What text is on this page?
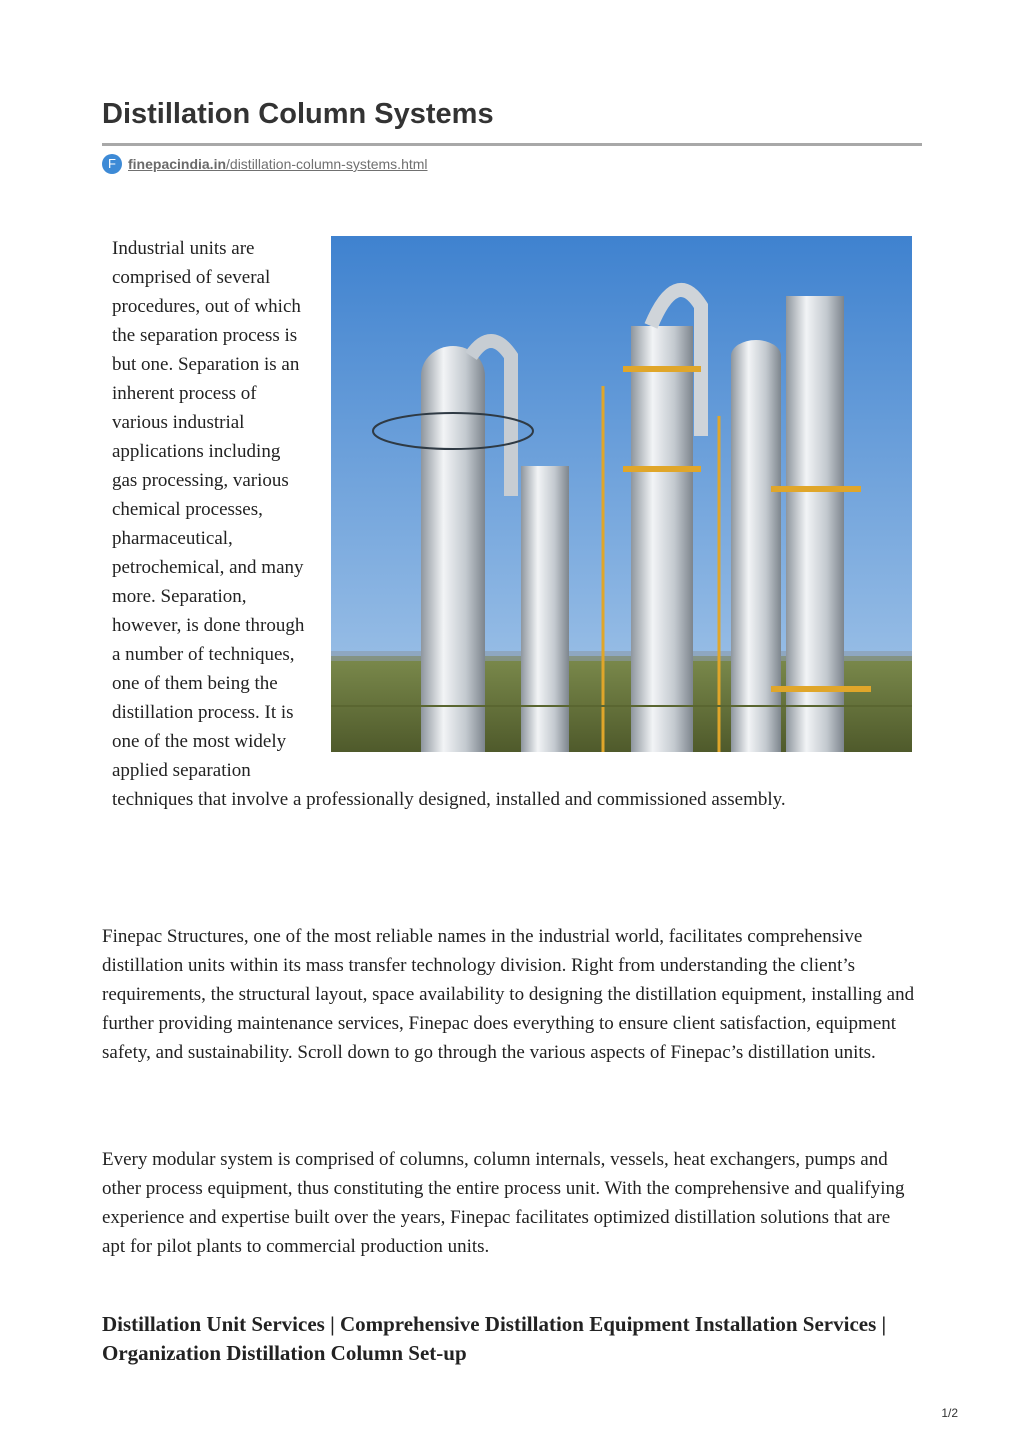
Distillation Column Systems
F finepacindia.in/distillation-column-systems.html

Industrial units are comprised of several procedures, out of which the separation process is but one. Separation is an inherent process of various industrial applications including gas processing, various chemical processes, pharmaceutical, petrochemical, and many more. Separation, however, is done through a number of techniques, one of them being the distillation process. It is one of the most widely applied separation techniques that involve a professionally designed, installed and commissioned assembly.

Finepac Structures, one of the most reliable names in the industrial world, facilitates comprehensive distillation units within its mass transfer technology division. Right from understanding the client’s requirements, the structural layout, space availability to designing the distillation equipment, installing and further providing maintenance services, Finepac does everything to ensure client satisfaction, equipment safety, and sustainability. Scroll down to go through the various aspects of Finepac’s distillation units.

Every modular system is comprised of columns, column internals, vessels, heat exchangers, pumps and other process equipment, thus constituting the entire process unit. With the comprehensive and qualifying experience and expertise built over the years, Finepac facilitates optimized distillation solutions that are apt for pilot plants to commercial production units.

Distillation Unit Services | Comprehensive Distillation Equipment Installation Services | Organization Distillation Column Set-up
1/2
